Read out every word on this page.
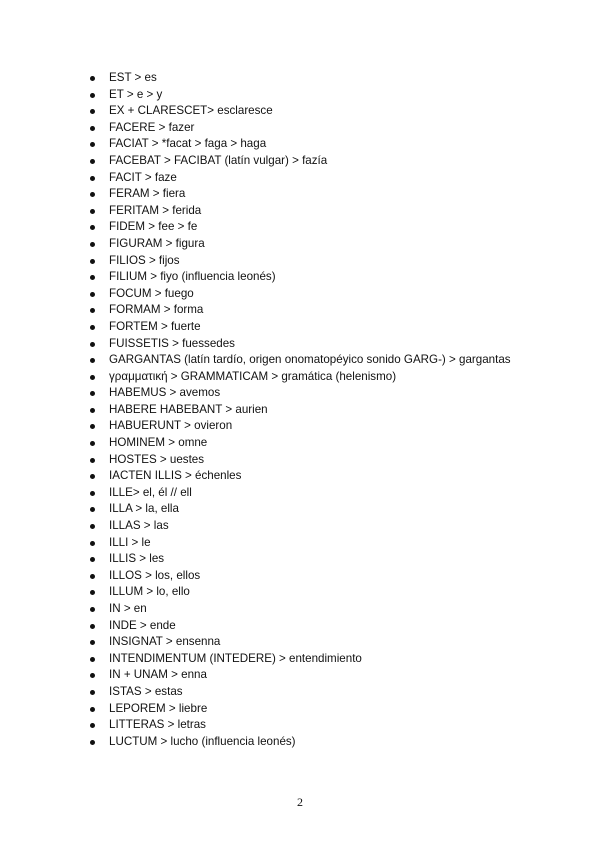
EST > es
ET > e > y
EX + CLARESCET> esclaresce
FACERE > fazer
FACIAT > *facat > faga > haga
FACEBAT > FACIBAT (latín vulgar) > fazía
FACIT > faze
FERAM > fiera
FERITAM > ferida
FIDEM > fee > fe
FIGURAM > figura
FILIOS > fijos
FILIUM > fiyo (influencia leonés)
FOCUM > fuego
FORMAM > forma
FORTEM > fuerte
FUISSETIS > fuessedes
GARGANTAS (latín tardío, origen onomatopéyico sonido GARG-) > gargantas
γραμματική > GRAMMATICAM > gramática (helenismo)
HABEMUS > avemos
HABERE HABEBANT > aurien
HABUERUNT > ovieron
HOMINEM > omne
HOSTES > uestes
IACTEN ILLIS > échenles
ILLE> el, él // ell
ILLA > la, ella
ILLAS > las
ILLI > le
ILLIS > les
ILLOS > los, ellos
ILLUM > lo, ello
IN > en
INDE > ende
INSIGNAT > ensenna
INTENDIMENTUM (INTEDERE) > entendimiento
IN + UNAM > enna
ISTAS > estas
LEPOREM > liebre
LITTERAS > letras
LUCTUM > lucho (influencia leonés)
2
